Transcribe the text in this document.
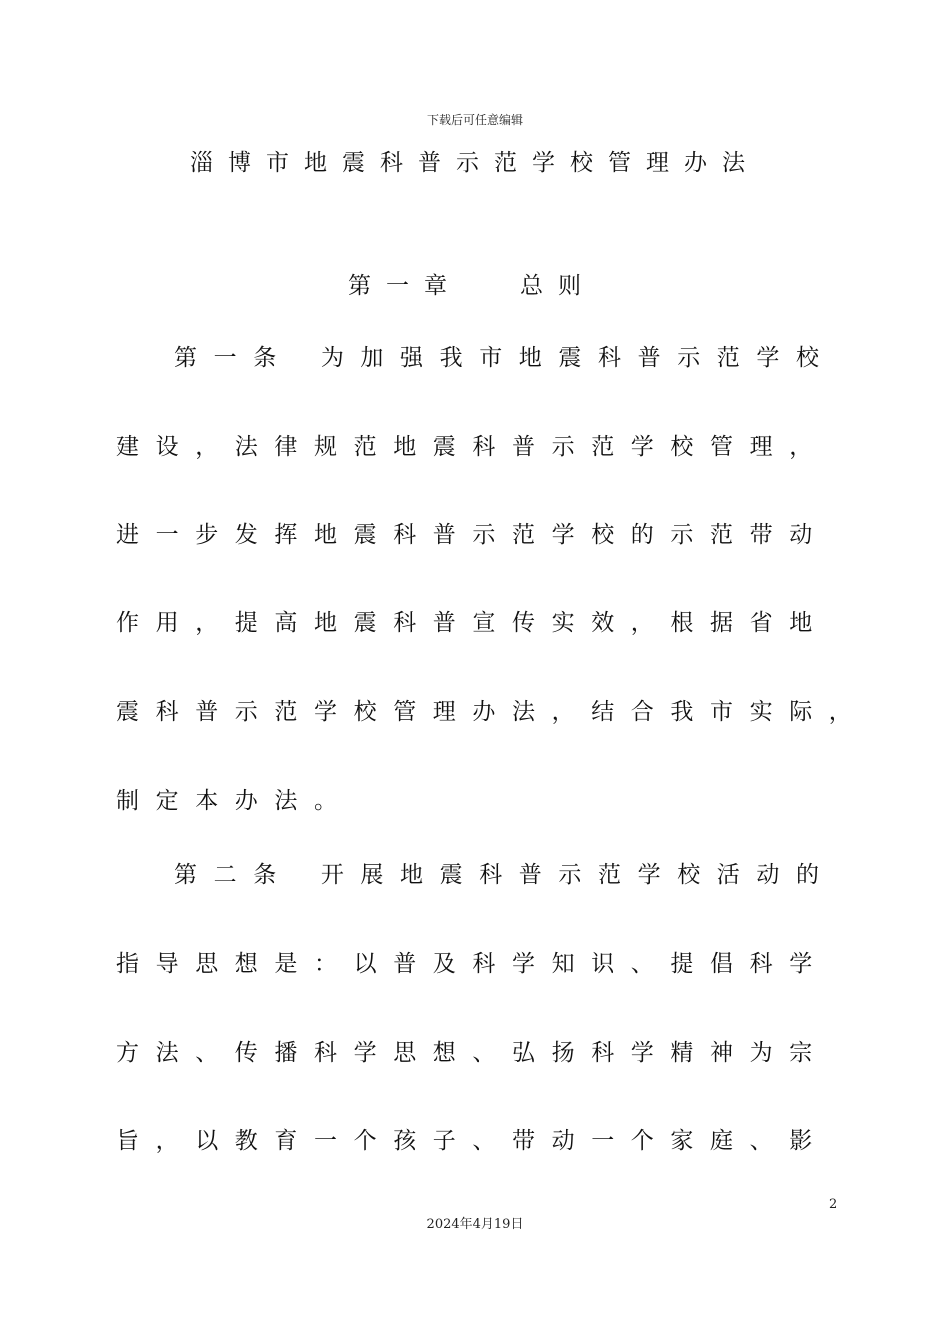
下载后可任意编辑
淄博市地震科普示范学校管理办法
第一章	总则
第一条 为加强我市地震科普示范学校
建设，法律规范地震科普示范学校管理，
进一步发挥地震科普示范学校的示范带动
作用，提高地震科普宣传实效，根据省地
震科普示范学校管理办法，结合我市实际，
制定本办法。
第二条 开展地震科普示范学校活动的
指导思想是：以普及科学知识、提倡科学
方法、传播科学思想、弘扬科学精神为宗
旨，以教育一个孩子、带动一个家庭、影
2
2024年4月19日
